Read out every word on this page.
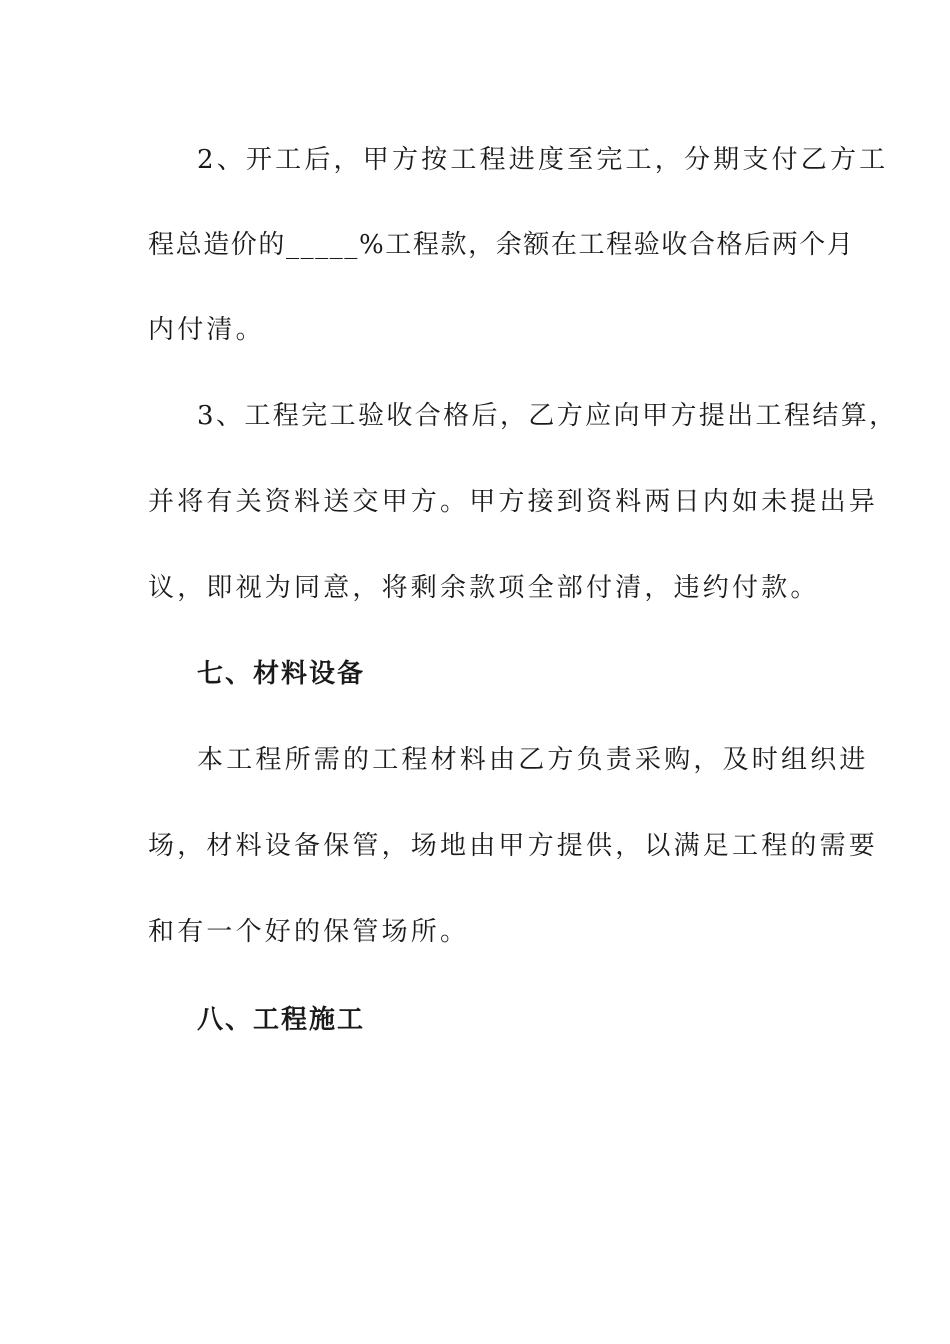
2、开工后，甲方按工程进度至完工，分期支付乙方工
程总造价的_____%工程款，余额在工程验收合格后两个月
内付清。
3、工程完工验收合格后，乙方应向甲方提出工程结算，
并将有关资料送交甲方。甲方接到资料两日内如未提出异
议，即视为同意，将剩余款项全部付清，违约付款。
七、材料设备
本工程所需的工程材料由乙方负责采购，及时组织进
场，材料设备保管，场地由甲方提供，以满足工程的需要
和有一个好的保管场所。
八、工程施工
